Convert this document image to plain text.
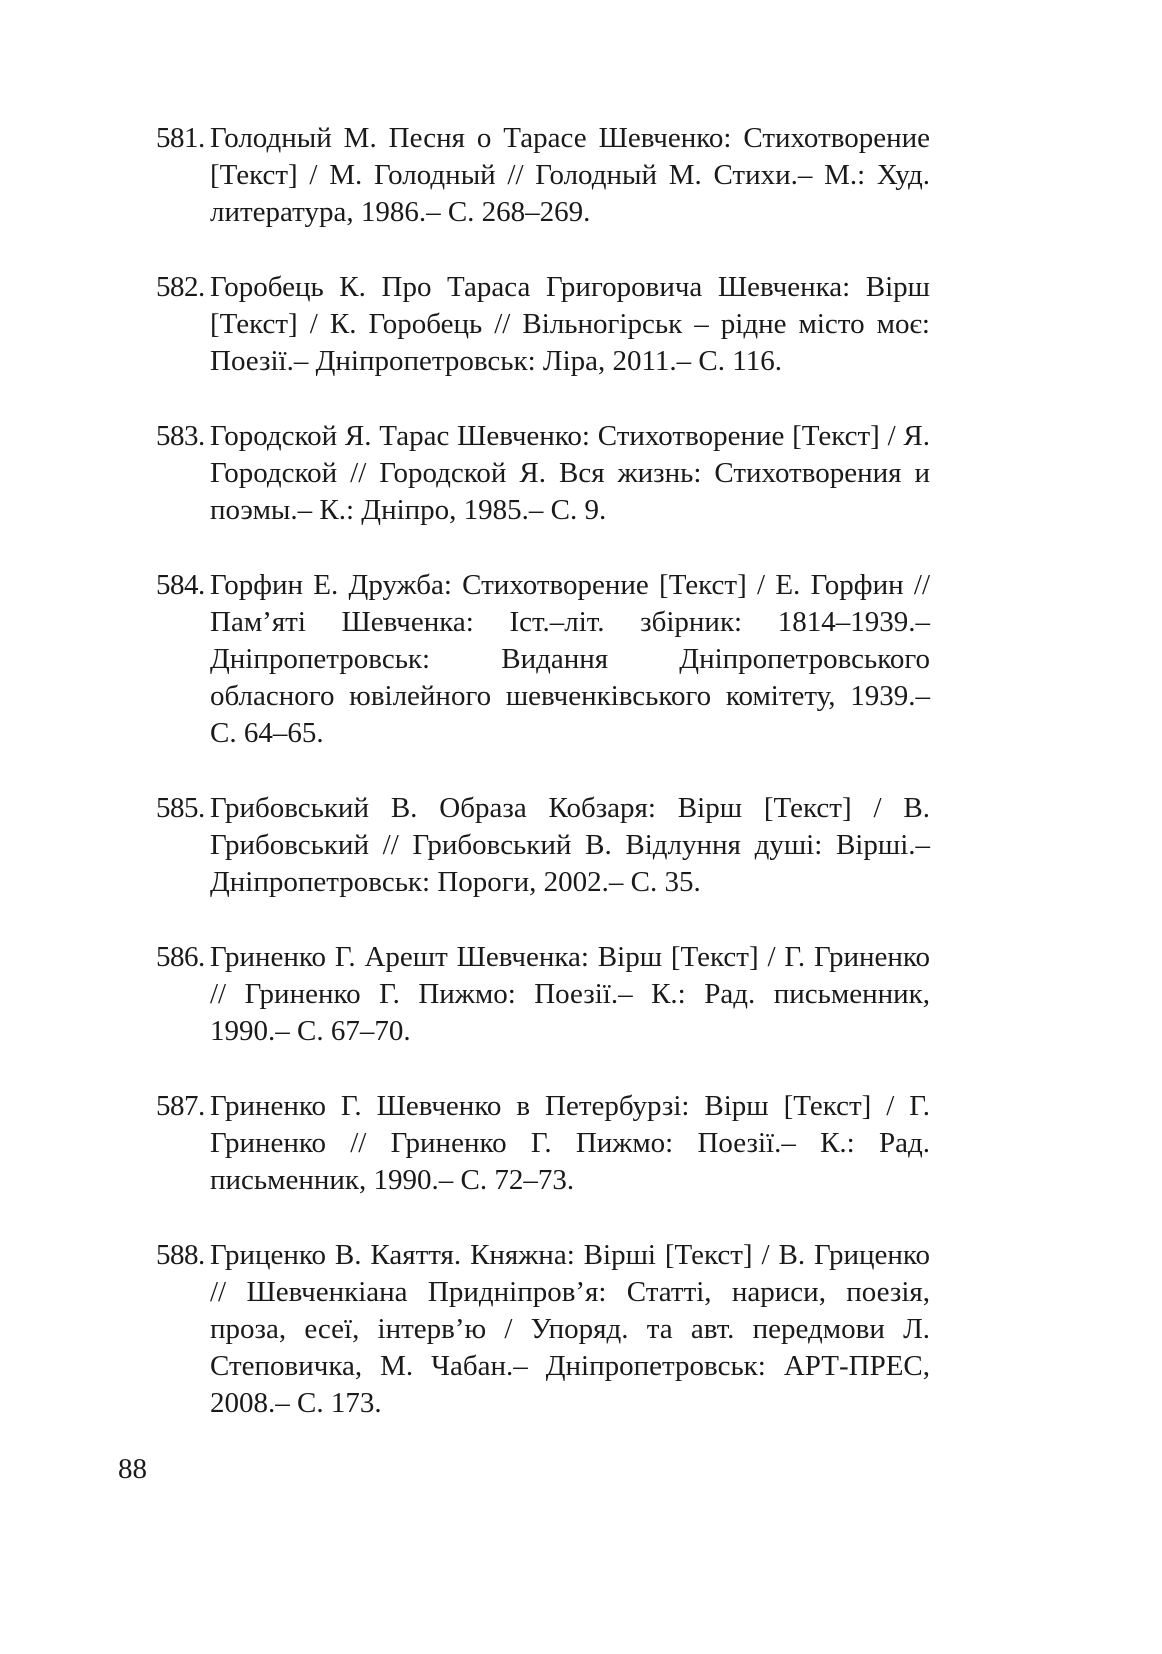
581. Голодный М. Песня о Тарасе Шевченко: Стихотворение [Текст] / М. Голодный // Голодный М. Стихи.– М.: Худ. литература, 1986.– С. 268–269.
582. Горобець К. Про Тараса Григоровича Шевченка: Вірш [Текст] / К. Горобець // Вільногірськ – рідне місто моє: Поезії.– Дніпропетровськ: Ліра, 2011.– С. 116.
583. Городской Я. Тарас Шевченко: Стихотворение [Текст] / Я. Городской // Городской Я. Вся жизнь: Стихотворения и поэмы.– К.: Дніпро, 1985.– С. 9.
584. Горфин Е. Дружба: Стихотворение [Текст] / Е. Горфин // Пам’яті Шевченка: Іст.–літ. збірник: 1814–1939.– Дніпропетровськ: Видання Дніпропетровського обласного ювілейного шевченківського комітету, 1939.– С. 64–65.
585. Грибовський В. Образа Кобзаря: Вірш [Текст] / В. Грибовський // Грибовський В. Відлуння душі: Вірші.– Дніпропетровськ: Пороги, 2002.– С. 35.
586. Гриненко Г. Арешт Шевченка: Вірш [Текст] / Г. Гриненко // Гриненко Г. Пижмо: Поезії.– К.: Рад. письменник, 1990.– С. 67–70.
587. Гриненко Г. Шевченко в Петербурзі: Вірш [Текст] / Г. Гриненко // Гриненко Г. Пижмо: Поезії.– К.: Рад. письменник, 1990.– С. 72–73.
588. Гриценко В. Каяття. Княжна: Вірші [Текст] / В. Гриценко // Шевченкіана Придніпров’я: Статті, нариси, поезія, проза, есеї, інтерв’ю / Упоряд. та авт. передмови Л. Степовичка, М. Чабан.– Дніпропетровськ: АРТ-ПРЕС, 2008.– С. 173.
88
